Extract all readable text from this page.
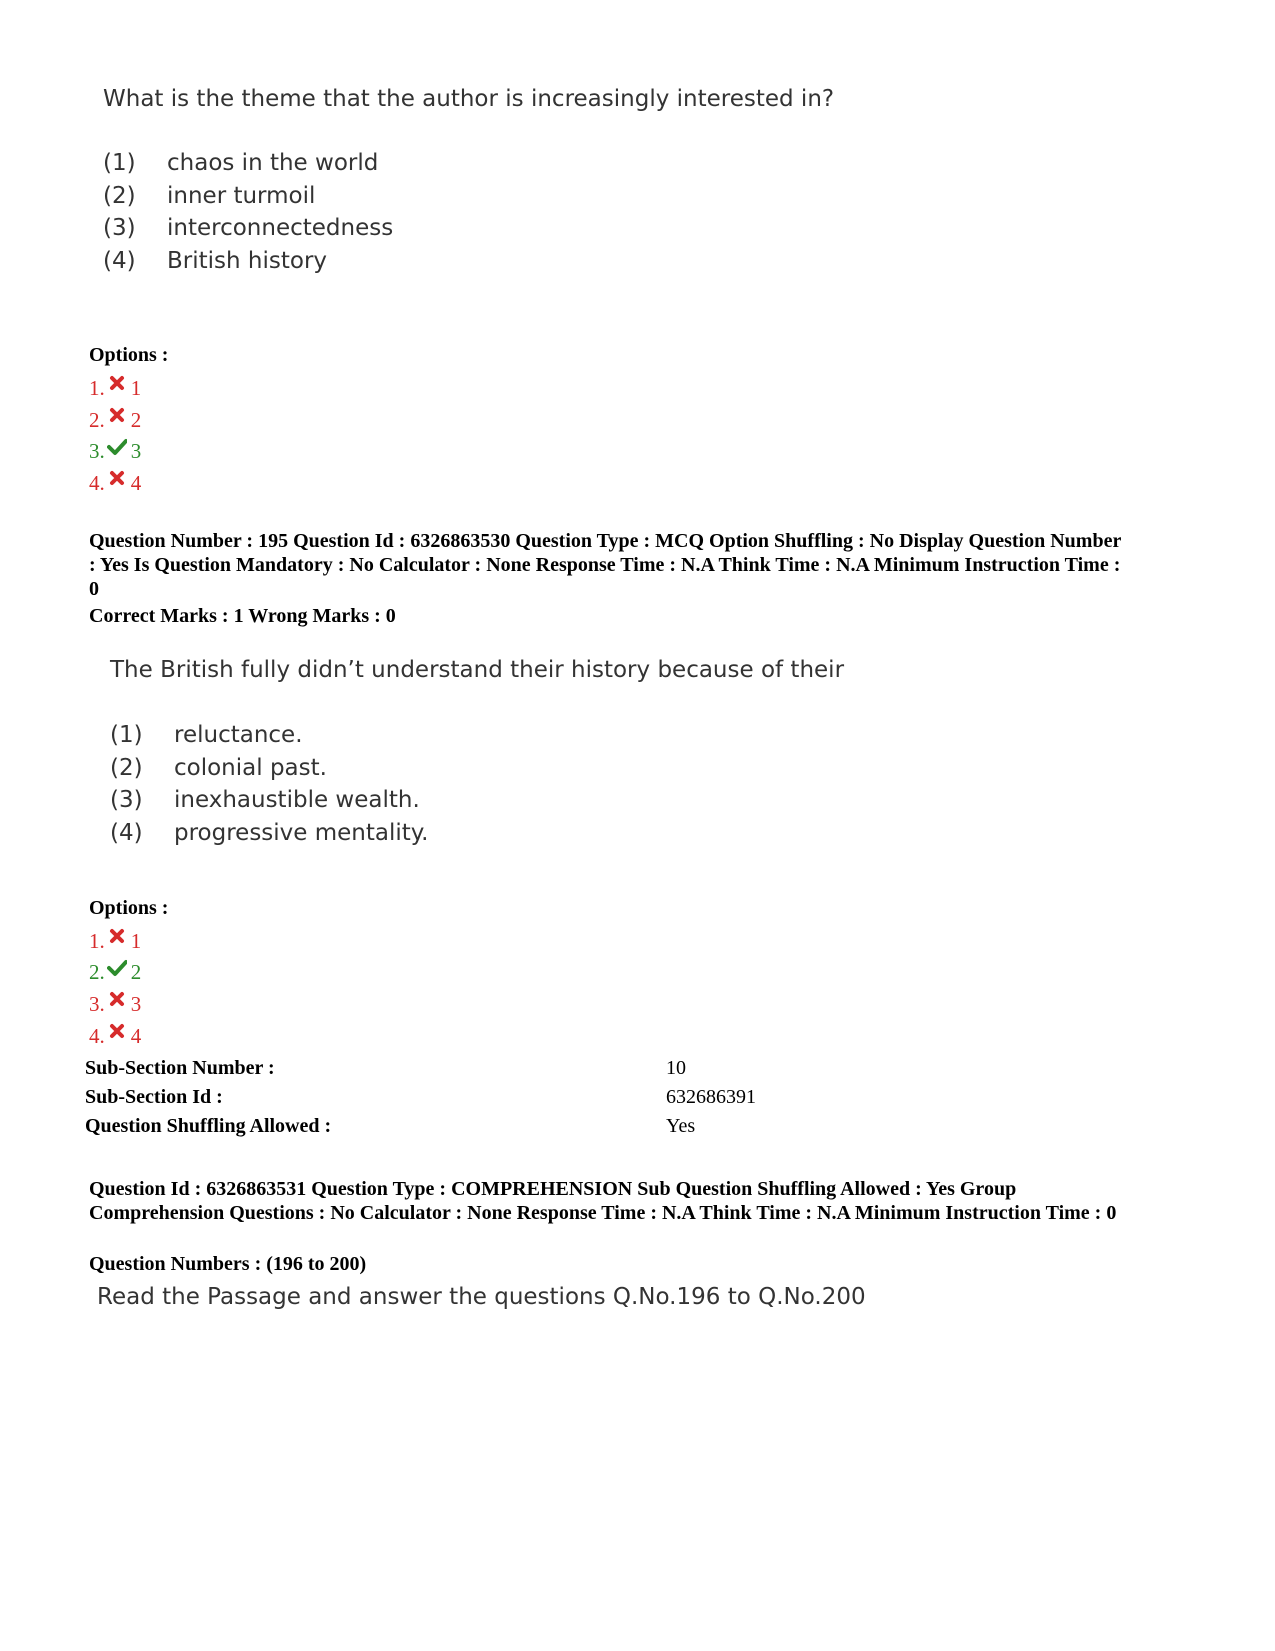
What is the theme that the author is increasingly interested in?
(1) chaos in the world
(2) inner turmoil
(3) interconnectedness
(4) British history
Options :
1. 1
2. 2
3. 3
4. 4
Question Number : 195 Question Id : 6326863530 Question Type : MCQ Option Shuffling : No Display Question Number : Yes Is Question Mandatory : No Calculator : None Response Time : N.A Think Time : N.A Minimum Instruction Time : 0
Correct Marks : 1 Wrong Marks : 0
The British fully didn’t understand their history because of their
(1) reluctance.
(2) colonial past.
(3) inexhaustible wealth.
(4) progressive mentality.
Options :
1. 1
2. 2
3. 3
4. 4
Sub-Section Number :	10
Sub-Section Id :	632686391
Question Shuffling Allowed :	Yes
Question Id : 6326863531 Question Type : COMPREHENSION Sub Question Shuffling Allowed : Yes Group Comprehension Questions : No Calculator : None Response Time : N.A Think Time : N.A Minimum Instruction Time : 0
Question Numbers : (196 to 200)
Read the Passage and answer the questions Q.No.196 to Q.No.200
